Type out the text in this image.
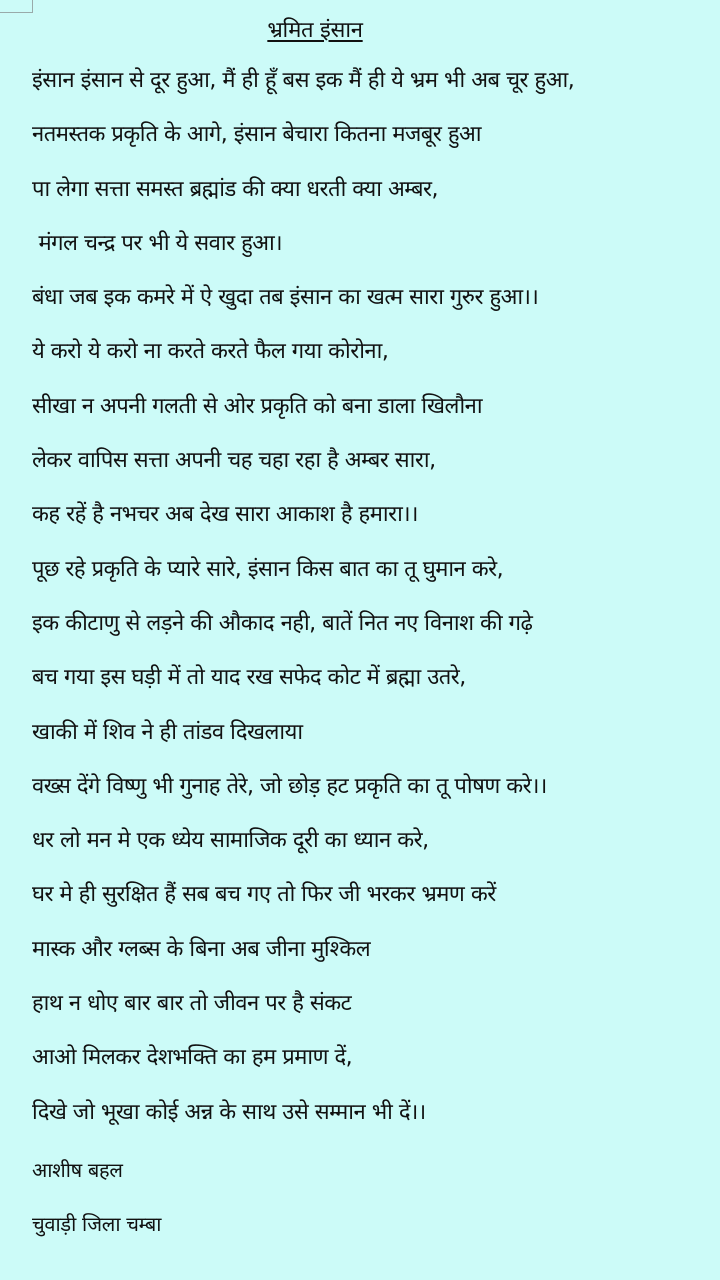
भ्रमित इंसान
इंसान इंसान से दूर हुआ, मैं ही हूँ बस इक मैं ही ये भ्रम भी अब चूर हुआ,
नतमस्तक प्रकृति के आगे, इंसान बेचारा कितना मजबूर हुआ
पा लेगा सत्ता समस्त ब्रह्मांड की क्या धरती क्या अम्बर,
मंगल चन्द्र पर भी ये सवार हुआ।
बंधा जब इक कमरे में ऐ खुदा तब इंसान का खत्म सारा गुरुर हुआ।।
ये करो ये करो ना करते करते फैल गया कोरोना,
सीखा न अपनी गलती से ओर प्रकृति को बना डाला खिलौना
लेकर वापिस सत्ता अपनी चह चहा रहा है अम्बर सारा,
कह रहें है नभचर अब देख सारा आकाश है हमारा।।
पूछ रहे प्रकृति के प्यारे सारे, इंसान किस बात का तू घुमान करे,
इक कीटाणु से लड़ने की औकाद नही, बातें नित नए विनाश की गढ़े
बच गया इस घड़ी में तो याद रख सफेद कोट में ब्रह्मा उतरे,
खाकी में शिव ने ही तांडव दिखलाया
वख्स देंगे विष्णु भी गुनाह तेरे, जो छोड़ हट प्रकृति का तू पोषण करे।।
धर लो मन मे एक ध्येय सामाजिक दूरी का ध्यान करे,
घर मे ही सुरक्षित हैं सब बच गए तो फिर जी भरकर भ्रमण करें
मास्क और ग्लब्स के बिना अब जीना मुश्किल
हाथ न धोए बार बार तो जीवन पर है संकट
आओ मिलकर देशभक्ति का हम प्रमाण दें,
दिखे जो भूखा कोई अन्न के साथ उसे सम्मान भी दें।।
आशीष बहल
चुवाड़ी जिला चम्बा
